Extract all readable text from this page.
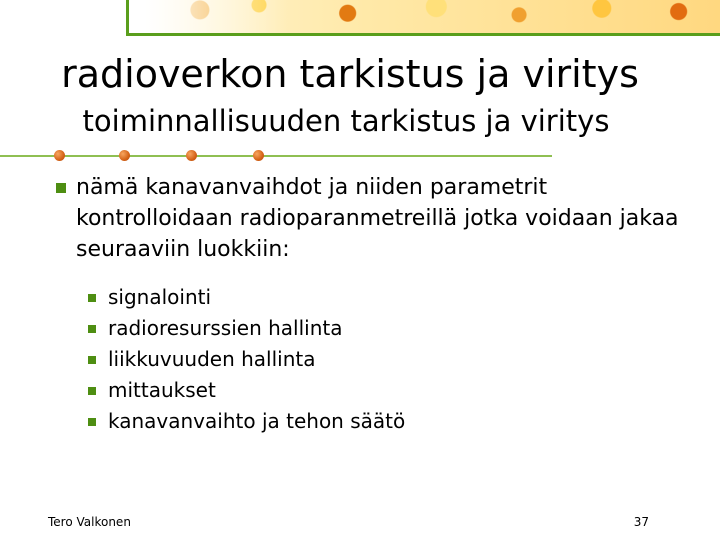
radioverkon tarkistus ja viritys
toiminnallisuuden tarkistus ja viritys
nämä kanavanvaihdot ja niiden parametrit kontrolloidaan radioparanmetreillä jotka voidaan jakaa seuraaviin luokkiin:
signalointi
radioresurssien hallinta
liikkuvuuden hallinta
mittaukset
kanavanvaihto ja tehon säätö
Tero Valkonen	37
